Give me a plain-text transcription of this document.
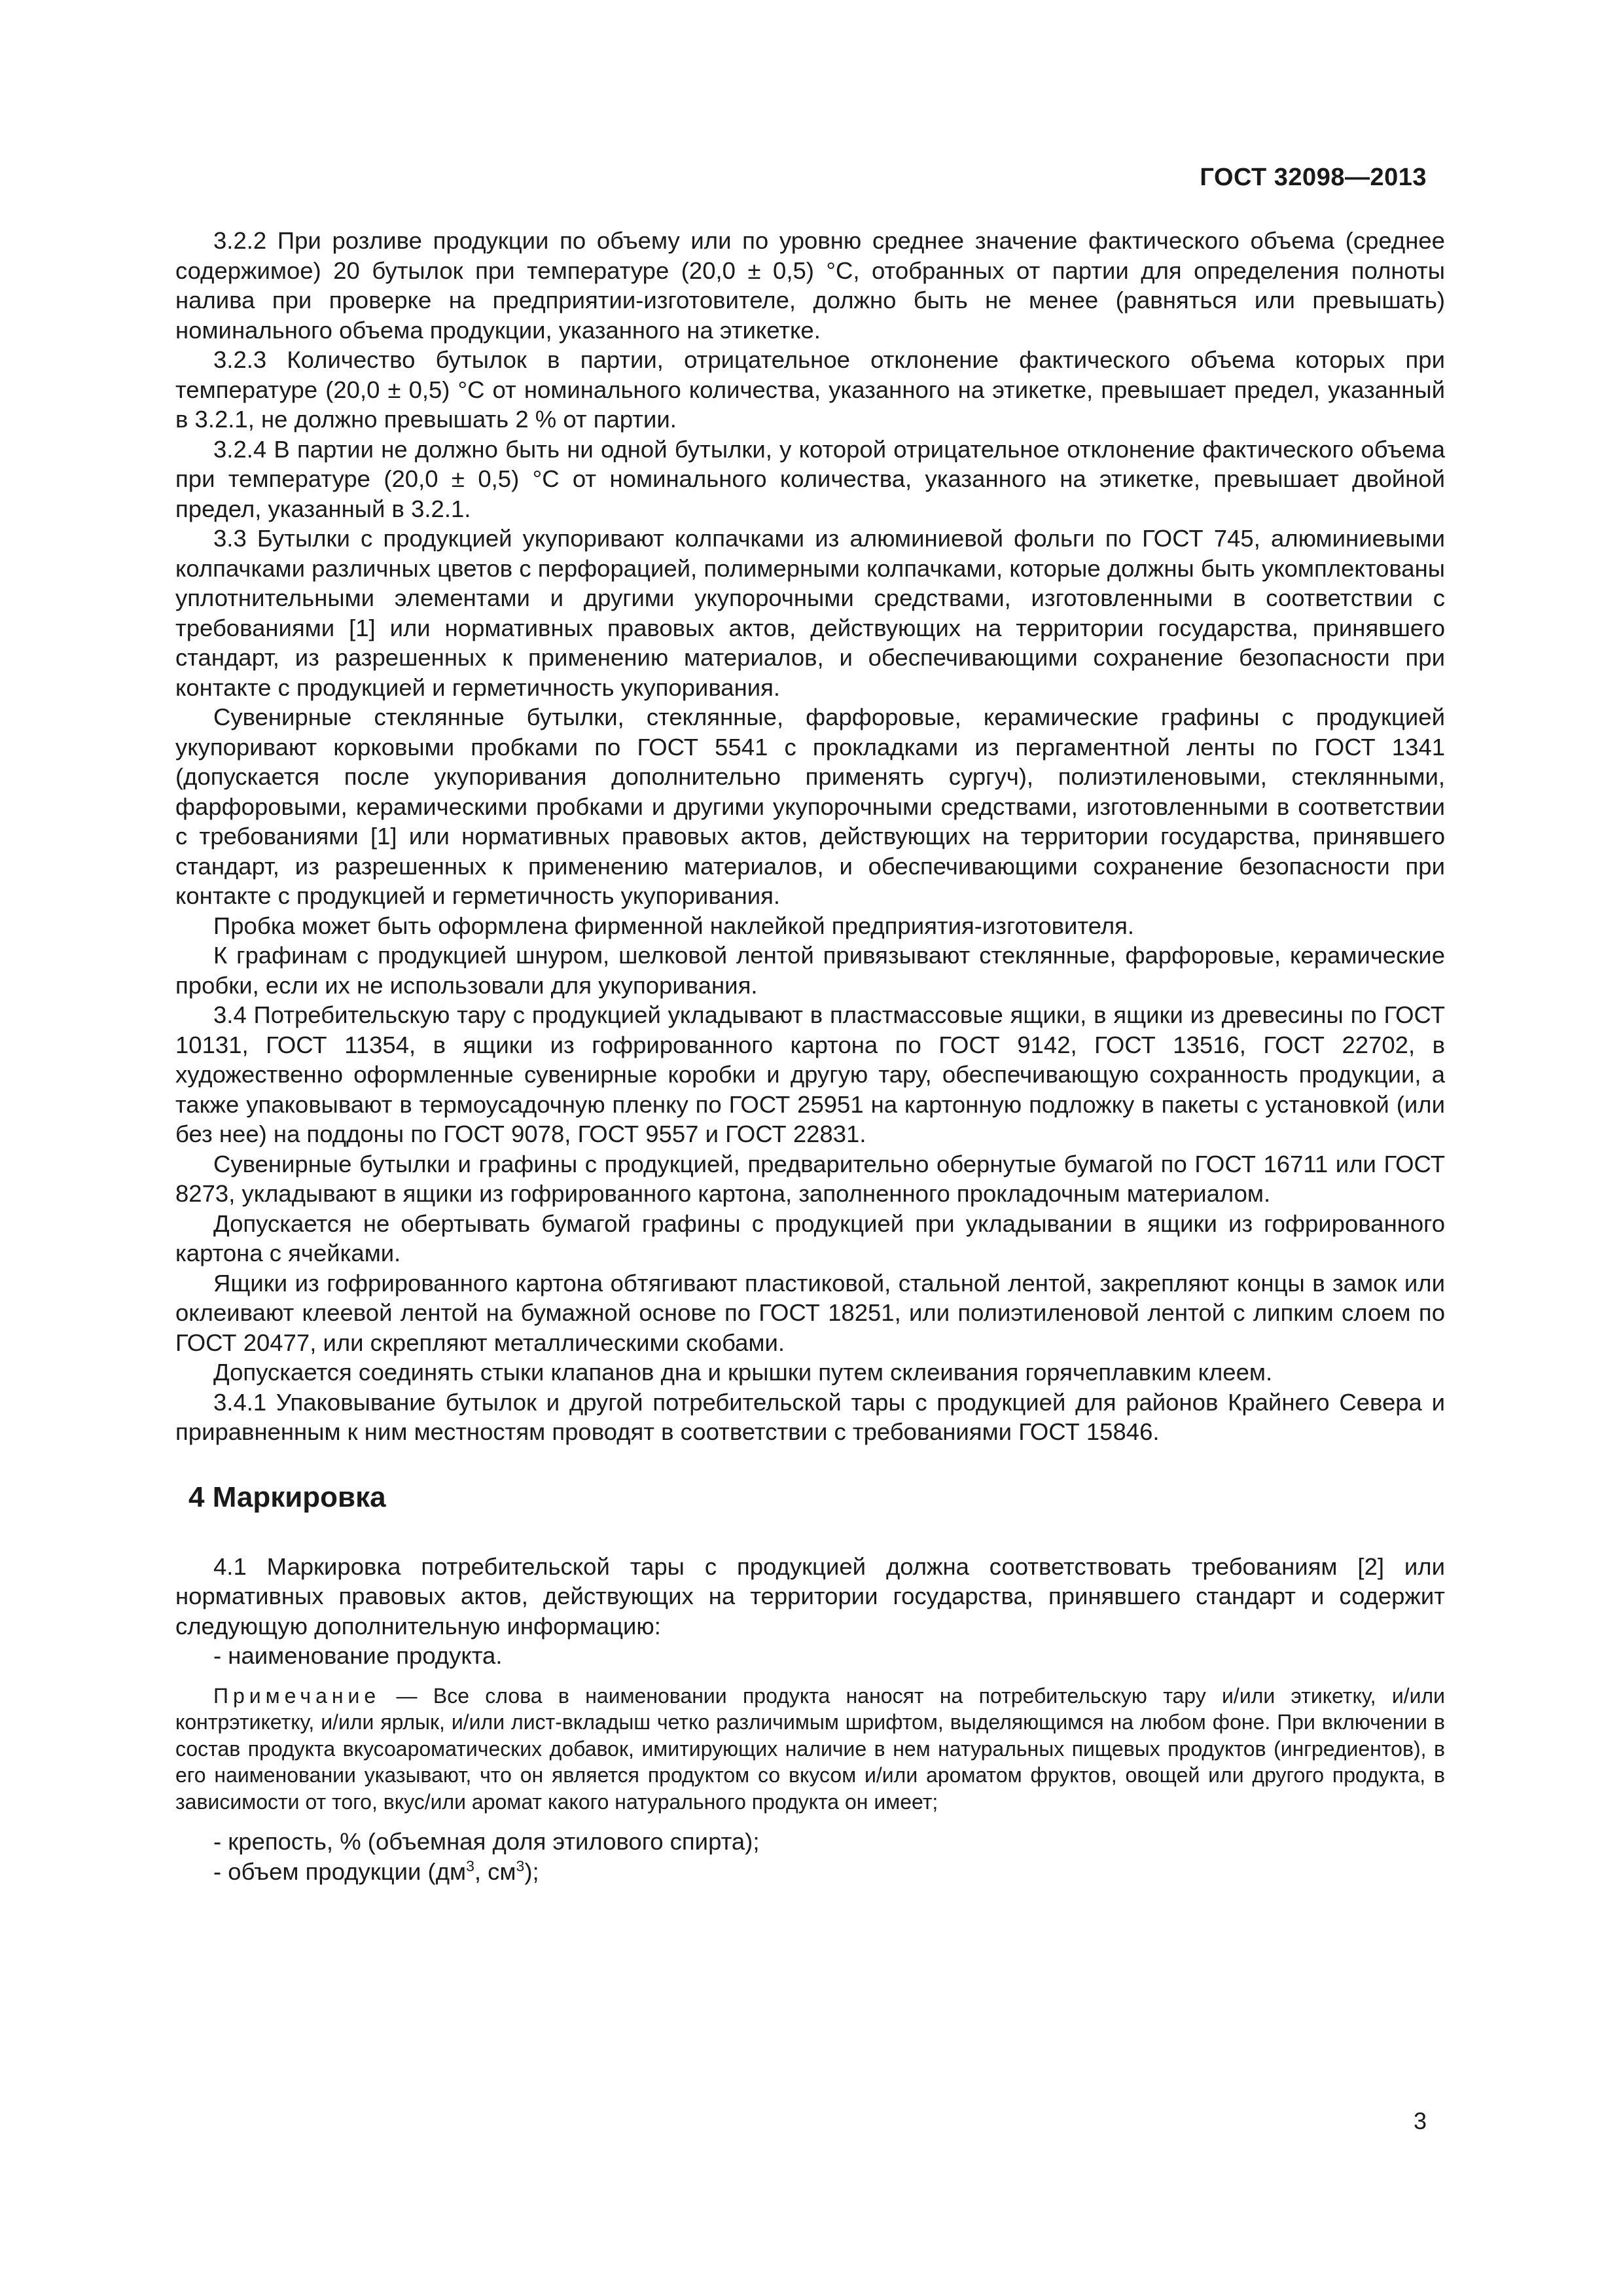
ГОСТ 32098—2013

3.2.2 При розливе продукции по объему или по уровню среднее значение фактического объема (среднее содержимое) 20 бутылок при температуре (20,0 ± 0,5) °С, отобранных от партии для определения полноты налива при проверке на предприятии-изготовителе, должно быть не менее (равняться или превышать) номинального объема продукции, указанного на этикетке.

3.2.3 Количество бутылок в партии, отрицательное отклонение фактического объема которых при температуре (20,0 ± 0,5) °С от номинального количества, указанного на этикетке, превышает предел, указанный в 3.2.1, не должно превышать 2 % от партии.

3.2.4 В партии не должно быть ни одной бутылки, у которой отрицательное отклонение фактического объема при температуре (20,0 ± 0,5) °С от номинального количества, указанного на этикетке, превышает двойной предел, указанный в 3.2.1.

3.3 Бутылки с продукцией укупоривают колпачками из алюминиевой фольги по ГОСТ 745, алюминиевыми колпачками различных цветов с перфорацией, полимерными колпачками, которые должны быть укомплектованы уплотнительными элементами и другими укупорочными средствами, изготовленными в соответствии с требованиями [1] или нормативных правовых актов, действующих на территории государства, принявшего стандарт, из разрешенных к применению материалов, и обеспечивающими сохранение безопасности при контакте с продукцией и герметичность укупоривания.

Сувенирные стеклянные бутылки, стеклянные, фарфоровые, керамические графины с продукцией укупоривают корковыми пробками по ГОСТ 5541 с прокладками из пергаментной ленты по ГОСТ 1341 (допускается после укупоривания дополнительно применять сургуч), полиэтиленовыми, стеклянными, фарфоровыми, керамическими пробками и другими укупорочными средствами, изготовленными в соответствии с требованиями [1] или нормативных правовых актов, действующих на территории государства, принявшего стандарт, из разрешенных к применению материалов, и обеспечивающими сохранение безопасности при контакте с продукцией и герметичность укупоривания.

Пробка может быть оформлена фирменной наклейкой предприятия-изготовителя.

К графинам с продукцией шнуром, шелковой лентой привязывают стеклянные, фарфоровые, керамические пробки, если их не использовали для укупоривания.

3.4 Потребительскую тару с продукцией укладывают в пластмассовые ящики, в ящики из древесины по ГОСТ 10131, ГОСТ 11354, в ящики из гофрированного картона по ГОСТ 9142, ГОСТ 13516, ГОСТ 22702, в художественно оформленные сувенирные коробки и другую тару, обеспечивающую сохранность продукции, а также упаковывают в термоусадочную пленку по ГОСТ 25951 на картонную подложку в пакеты с установкой (или без нее) на поддоны по ГОСТ 9078, ГОСТ 9557 и ГОСТ 22831.

Сувенирные бутылки и графины с продукцией, предварительно обернутые бумагой по ГОСТ 16711 или ГОСТ 8273, укладывают в ящики из гофрированного картона, заполненного прокладочным материалом.

Допускается не обертывать бумагой графины с продукцией при укладывании в ящики из гофрированного картона с ячейками.

Ящики из гофрированного картона обтягивают пластиковой, стальной лентой, закрепляют концы в замок или оклеивают клеевой лентой на бумажной основе по ГОСТ 18251, или полиэтиленовой лентой с липким слоем по ГОСТ 20477, или скрепляют металлическими скобами.

Допускается соединять стыки клапанов дна и крышки путем склеивания горячеплавким клеем.

3.4.1 Упаковывание бутылок и другой потребительской тары с продукцией для районов Крайнего Севера и приравненным к ним местностям проводят в соответствии с требованиями ГОСТ 15846.

4 Маркировка

4.1 Маркировка потребительской тары с продукцией должна соответствовать требованиям [2] или нормативных правовых актов, действующих на территории государства, принявшего стандарт и содержит следующую дополнительную информацию:

- наименование продукта.

Примечание — Все слова в наименовании продукта наносят на потребительскую тару и/или этикетку, и/или контрэтикетку, и/или ярлык, и/или лист-вкладыш четко различимым шрифтом, выделяющимся на любом фоне. При включении в состав продукта вкусоароматических добавок, имитирующих наличие в нем натуральных пищевых продуктов (ингредиентов), в его наименовании указывают, что он является продуктом со вкусом и/или ароматом фруктов, овощей или другого продукта, в зависимости от того, вкус/или аромат какого натурального продукта он имеет;

- крепость, % (объемная доля этилового спирта);

- объем продукции ($дм^3$, $см^3$);

3
